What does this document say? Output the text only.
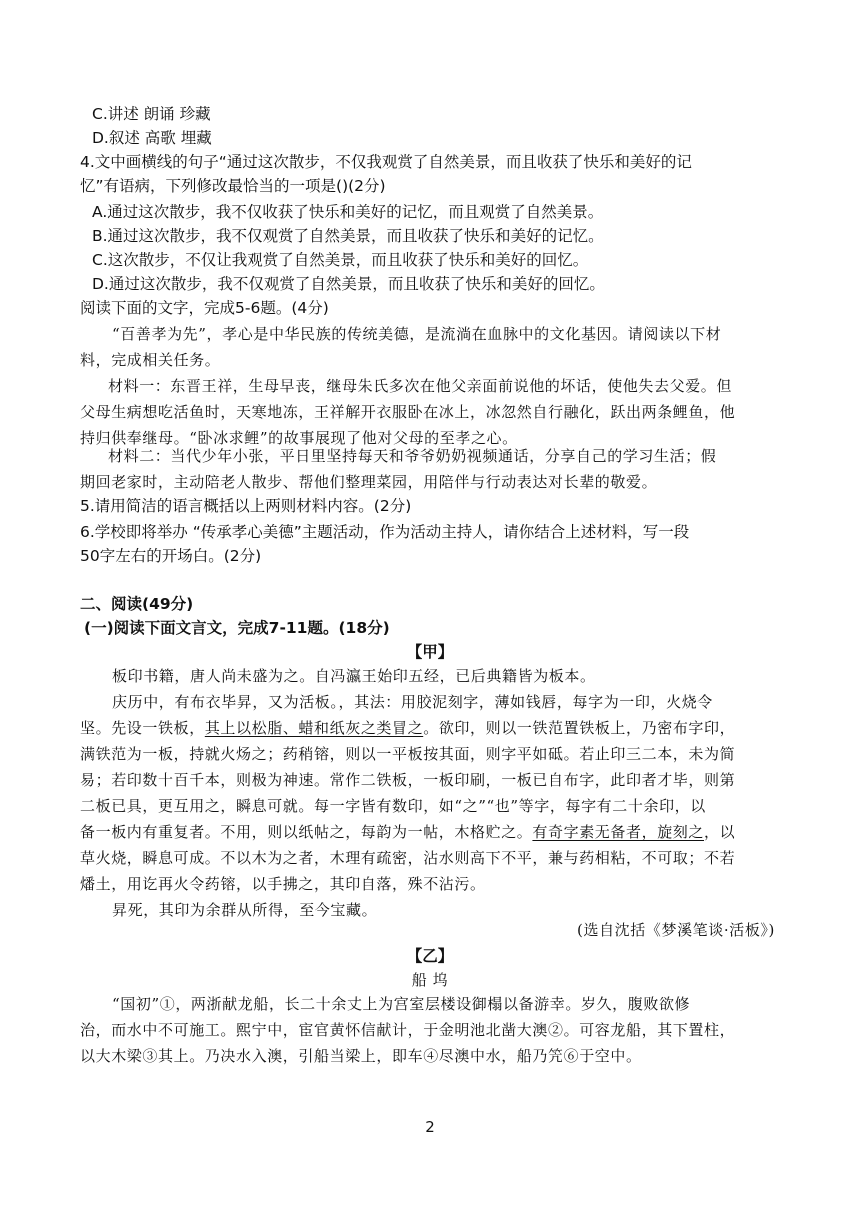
C.讲述 朗诵 珍藏
D.叙述 高歌 埋藏
4.文中画横线的句子“通过这次散步，不仅我观赏了自然美景，而且收获了快乐和美好的记
忆”有语病，下列修改最恰当的一项是()(2分)
A.通过这次散步，我不仅收获了快乐和美好的记忆，而且观赏了自然美景。
B.通过这次散步，我不仅观赏了自然美景，而且收获了快乐和美好的记忆。
C.这次散步，不仅让我观赏了自然美景，而且收获了快乐和美好的回忆。
D.通过这次散步，我不仅观赏了自然美景，而且收获了快乐和美好的回忆。
阅读下面的文字，完成5-6题。(4分)
“百善孝为先”，孝心是中华民族的传统美德，是流淌在血脉中的文化基因。请阅读以下材
料，完成相关任务。
材料一：东晋王祥，生母早丧，继母朱氏多次在他父亲面前说他的坏话，使他失去父爱。但
父母生病想吃活鱼时，天寒地冻，王祥解开衣服卧在冰上，冰忽然自行融化，跃出两条鲤鱼，他
持归供奉继母。“卧冰求鲤”的故事展现了他对父母的至孝之心。
材料二：当代少年小张，平日里坚持每天和爷爷奶奶视频通话，分享自己的学习生活；假
期回老家时，主动陪老人散步、帮他们整理菜园，用陪伴与行动表达对长辈的敬爱。
5.请用简洁的语言概括以上两则材料内容。(2分)
6.学校即将举办 “传承孝心美德”主题活动，作为活动主持人，请你结合上述材料，写一段
50字左右的开场白。(2分)
二、阅读(49分)
(一)阅读下面文言文，完成7-11题。(18分)
【甲】
板印书籍，唐人尚未盛为之。自冯瀛王始印五经，已后典籍皆为板本。
庆历中，有布衣毕昇，又为活板。，其法：用胶泥刻字，薄如钱唇，每字为一印，火烧令
坚。先设一铁板，其上以松脂、蜡和纸灰之类冒之。欲印，则以一铁范置铁板上，乃密布字印，
满铁范为一板，持就火炀之；药稍镕，则以一平板按其面，则字平如砥。若止印三二本，未为简
易；若印数十百千本，则极为神速。常作二铁板，一板印刷，一板已自布字，此印者才毕，则第
二板已具，更互用之，瞬息可就。每一字皆有数印，如“之”“也”等字，每字有二十余印，以
备一板内有重复者。不用，则以纸帖之，每韵为一帖，木格贮之。有奇字素无备者，旋刻之，以
草火烧，瞬息可成。不以木为之者，木理有疏密，沾水则高下不平，兼与药相粘，不可取；不若
燔土，用讫再火令药镕，以手拂之，其印自落，殊不沾污。
昇死，其印为余群从所得，至今宝藏。
(选自沈括《梦溪笔谈·活板》)
【乙】
船 坞
“国初”①，两浙献龙船，长二十余丈上为宫室层楼设御榻以备游幸。岁久，腹败欲修
治，而水中不可施工。熙宁中，宦官黄怀信献计，于金明池北凿大澳②。可容龙船，其下置柱，
以大木梁③其上。乃决水入澳，引船当梁上，即车④尽澳中水，船乃笐⑥于空中。
2
